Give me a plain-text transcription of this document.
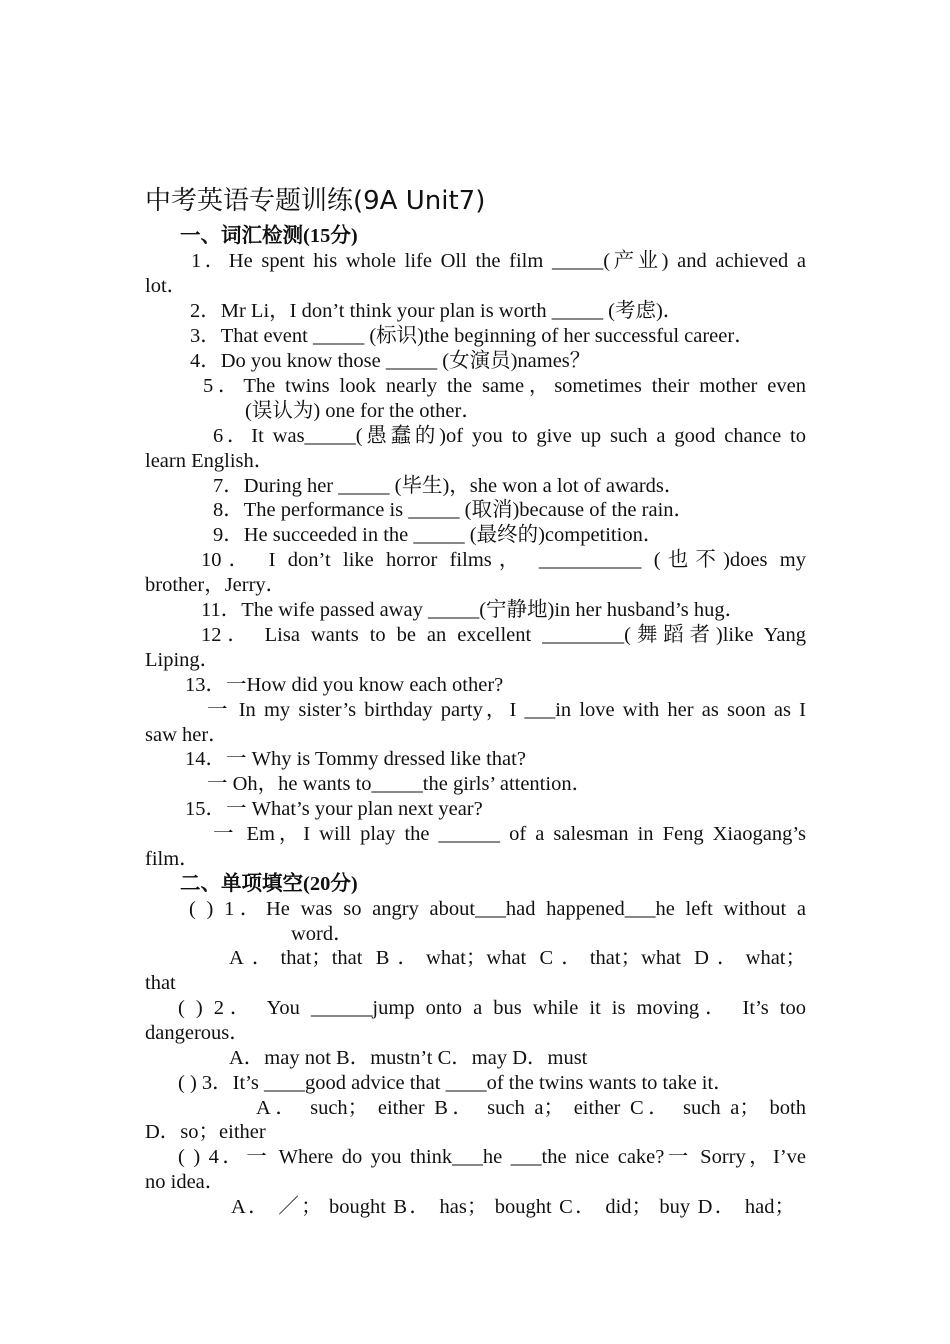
中考英语专题训练(9A Unit7)
一、词汇检测(15分)
1．He spent his whole life Oll the film _____(产业) and achieved a
lot．
2．Mr Li，I don’t think your plan is worth _____ (考虑)．
3．That event _____ (标识)the beginning of her successful career．
4．Do you know those _____ (女演员)names？
5．The twins look nearly the same，sometimes their mother even
(误认为) one for the other．
6．It was_____(愚蠢的)of you to give up such a good chance to
learn English．
7．During her _____ (毕生)，she won a lot of awards．
8．The performance is _____ (取消)because of the rain．
9．He succeeded in the _____ (最终的)competition．
10． I don’t like horror films， __________ (也不)does my
brother，Jerry．
11．The wife passed away _____(宁静地)in her husband’s hug．
12． Lisa wants to be an excellent ________(舞蹈者)like Yang
Liping．
13．一How did you know each other?
一 In my sister’s birthday party，I ___in love with her as soon as I
saw her．
14．一 Why is Tommy dressed like that?
一 Oh，he wants to_____the girls’ attention．
15．一 What’s your plan next year?
一 Em，I will play the ______ of a salesman in Feng Xiaogang’s
film．
二、单项填空(20分)
( ) 1．He was so angry about___had happened___he left without a
word．
A．that；that B．what；what C．that；what D．what；
that
( ) 2． You ______jump onto a bus while it is moving． It’s too
dangerous．
A．may not B．mustn’t C．may D．must
( ) 3．It’s ____good advice that ____of the twins wants to take it．
A． such； either B． such a； either C． such a； both
D．so；either
( ) 4．一 Where do you think___he ___the nice cake?一 Sorry，I’ve
no idea．
A． ／； bought B． has； bought C． did； buy D． had；
